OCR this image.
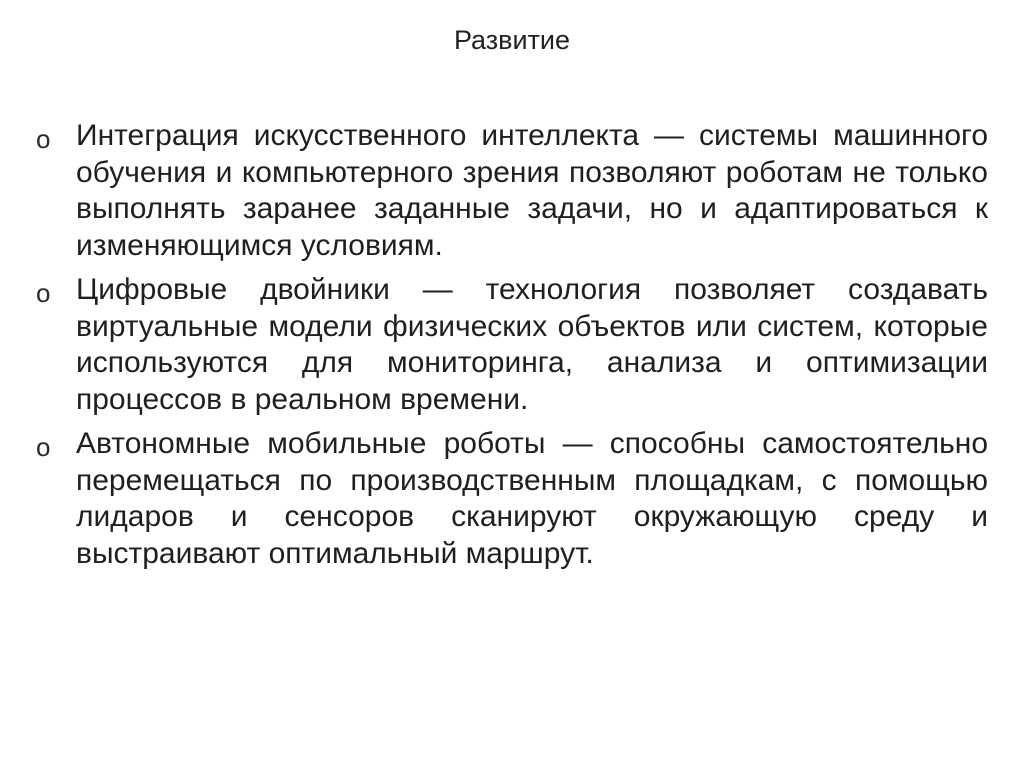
Развитие
o Интеграция искусственного интеллекта — системы машинного обучения и компьютерного зрения позволяют роботам не только выполнять заранее заданные задачи, но и адаптироваться к изменяющимся условиям.
o Цифровые двойники — технология позволяет создавать виртуальные модели физических объектов или систем, которые используются для мониторинга, анализа и оптимизации процессов в реальном времени.
o Автономные мобильные роботы — способны самостоятельно перемещаться по производственным площадкам, с помощью лидаров и сенсоров сканируют окружающую среду и выстраивают оптимальный маршрут.
